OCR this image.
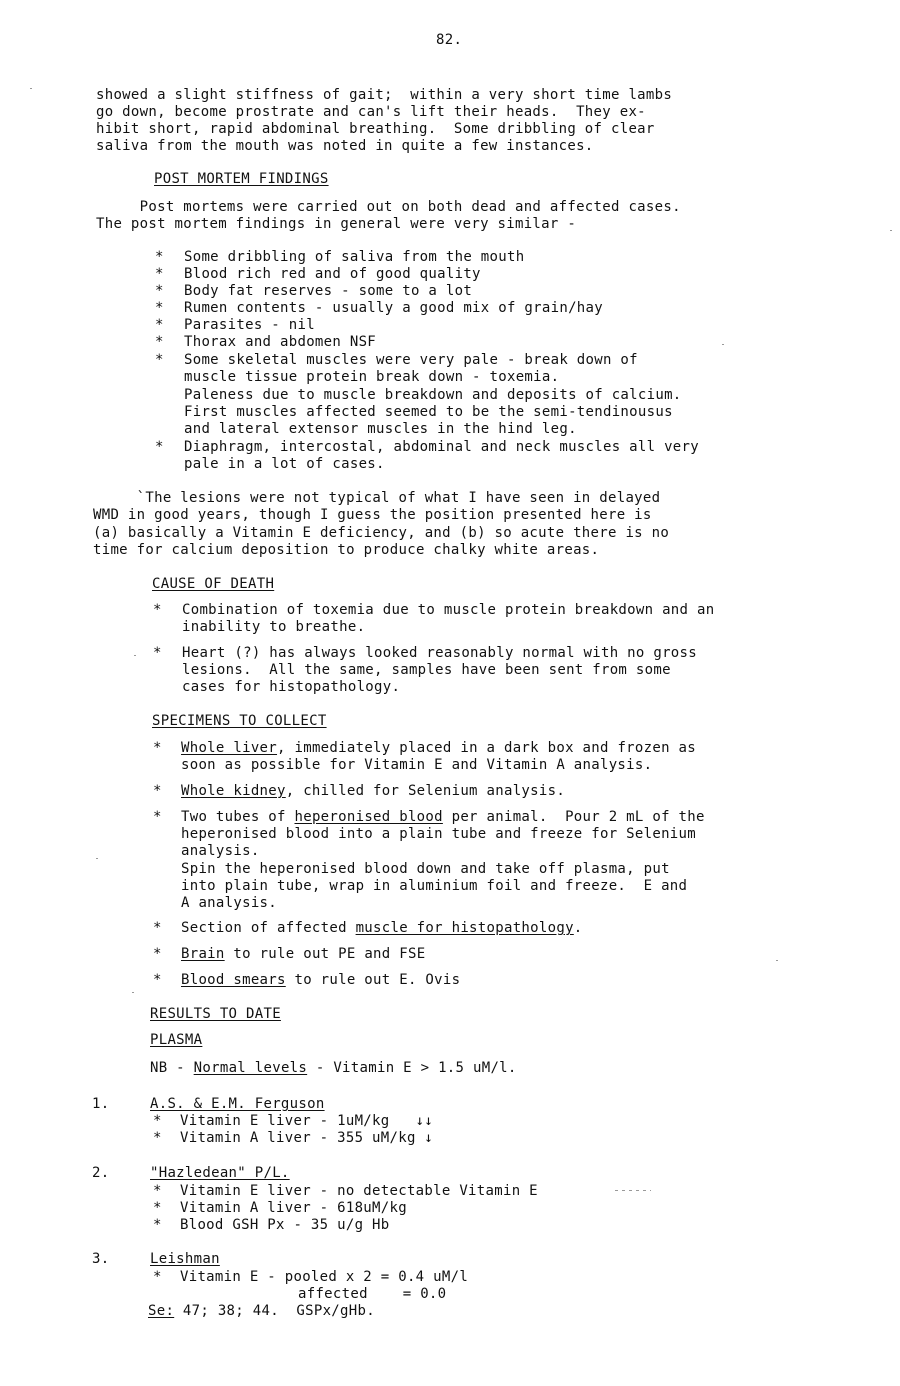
82.
showed a slight stiffness of gait;  within a very short time lambs
go down, become prostrate and can's lift their heads.  They ex-
hibit short, rapid abdominal breathing.  Some dribbling of clear
saliva from the mouth was noted in quite a few instances.
POST MORTEM FINDINGS
Post mortems were carried out on both dead and affected cases.
The post mortem findings in general were very similar -
* Some dribbling of saliva from the mouth
* Blood rich red and of good quality
* Body fat reserves - some to a lot
* Rumen contents - usually a good mix of grain/hay
* Parasites - nil
* Thorax and abdomen NSF
* Some skeletal muscles were very pale - break down of
muscle tissue protein break down - toxemia.
Paleness due to muscle breakdown and deposits of calcium.
First muscles affected seemed to be the semi-tendinousus
and lateral extensor muscles in the hind leg.
* Diaphragm, intercostal, abdominal and neck muscles all very
pale in a lot of cases.
`The lesions were not typical of what I have seen in delayed
WMD in good years, though I guess the position presented here is
(a) basically a Vitamin E deficiency, and (b) so acute there is no
time for calcium deposition to produce chalky white areas.
CAUSE OF DEATH
* Combination of toxemia due to muscle protein breakdown and an
inability to breathe.
* Heart (?) has always looked reasonably normal with no gross
lesions.  All the same, samples have been sent from some
cases for histopathology.
SPECIMENS TO COLLECT
* Whole liver, immediately placed in a dark box and frozen as
soon as possible for Vitamin E and Vitamin A analysis.
* Whole kidney, chilled for Selenium analysis.
* Two tubes of heperonised blood per animal.  Pour 2 mL of the
heperonised blood into a plain tube and freeze for Selenium
analysis.
Spin the heperonised blood down and take off plasma, put
into plain tube, wrap in aluminium foil and freeze.  E and
A analysis.
* Section of affected muscle for histopathology.
* Brain to rule out PE and FSE
* Blood smears to rule out E. Ovis
RESULTS TO DATE
PLASMA
NB - Normal levels - Vitamin E > 1.5 uM/l.
1.	A.S. & E.M. Ferguson
* Vitamin E liver - 1uM/kg   ↓↓
* Vitamin A liver - 355 uM/kg ↓
2.	"Hazledean" P/L.
* Vitamin E liver - no detectable Vitamin E
* Vitamin A liver - 618uM/kg
* Blood GSH Px - 35 u/g Hb
3.	Leishman
* Vitamin E - pooled x 2 = 0.4 uM/l
affected    = 0.0
Se: 47; 38; 44.  GSPx/gHb.
